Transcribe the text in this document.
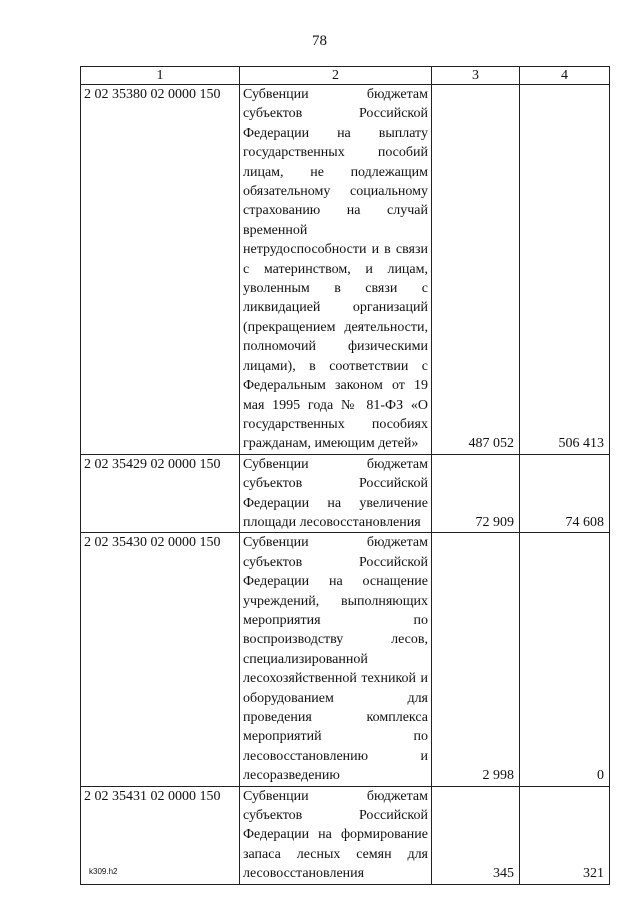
78
1	2	3	4
2 02 35380 02 0000 150	Субвенции бюджетам субъектов Российской Федерации на выплату государственных пособий лицам, не подлежащим обязательному социальному страхованию на случай временной нетрудоспособности и в связи с материнством, и лицам, уволенным в связи с ликвидацией организаций (прекращением деятельности, полномочий физическими лицами), в соответствии с Федеральным законом от 19 мая 1995 года № 81-ФЗ «О государственных пособиях гражданам, имеющим детей»	487 052	506 413
2 02 35429 02 0000 150	Субвенции бюджетам субъектов Российской Федерации на увеличение площади лесовосстановления	72 909	74 608
2 02 35430 02 0000 150	Субвенции бюджетам субъектов Российской Федерации на оснащение учреждений, выполняющих мероприятия по воспроизводству лесов, специализированной лесохозяйственной техникой и оборудованием для проведения комплекса мероприятий по лесовосстановлению и лесоразведению	2 998	0
2 02 35431 02 0000 150	Субвенции бюджетам субъектов Российской Федерации на формирование запаса лесных семян для лесовосстановления	345	321
k309.h2
